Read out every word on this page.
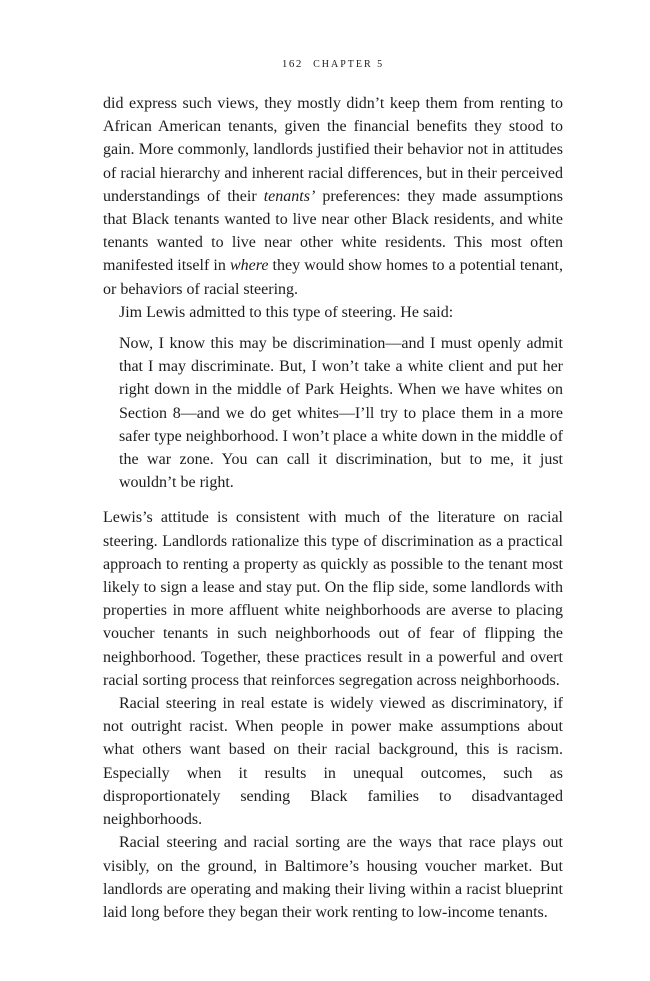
162 CHAPTER 5

did express such views, they mostly didn’t keep them from renting to African American tenants, given the financial benefits they stood to gain. More commonly, landlords justified their behavior not in attitudes of racial hierarchy and inherent racial differences, but in their perceived understandings of their tenants’ preferences: they made assumptions that Black tenants wanted to live near other Black residents, and white tenants wanted to live near other white residents. This most often manifested itself in where they would show homes to a potential tenant, or behaviors of racial steering.

Jim Lewis admitted to this type of steering. He said:

Now, I know this may be discrimination—and I must openly admit that I may discriminate. But, I won’t take a white client and put her right down in the middle of Park Heights. When we have whites on Section 8—and we do get whites—I’ll try to place them in a more safer type neighborhood. I won’t place a white down in the middle of the war zone. You can call it discrimination, but to me, it just wouldn’t be right.

Lewis’s attitude is consistent with much of the literature on racial steering. Landlords rationalize this type of discrimination as a practical approach to renting a property as quickly as possible to the tenant most likely to sign a lease and stay put. On the flip side, some landlords with properties in more affluent white neighborhoods are averse to placing voucher tenants in such neighborhoods out of fear of flipping the neighborhood. Together, these practices result in a powerful and overt racial sorting process that reinforces segregation across neighborhoods.

Racial steering in real estate is widely viewed as discriminatory, if not outright racist. When people in power make assumptions about what others want based on their racial background, this is racism. Especially when it results in unequal outcomes, such as disproportionately sending Black families to disadvantaged neighborhoods.

Racial steering and racial sorting are the ways that race plays out visibly, on the ground, in Baltimore’s housing voucher market. But landlords are operating and making their living within a racist blueprint laid long before they began their work renting to low-income tenants.
